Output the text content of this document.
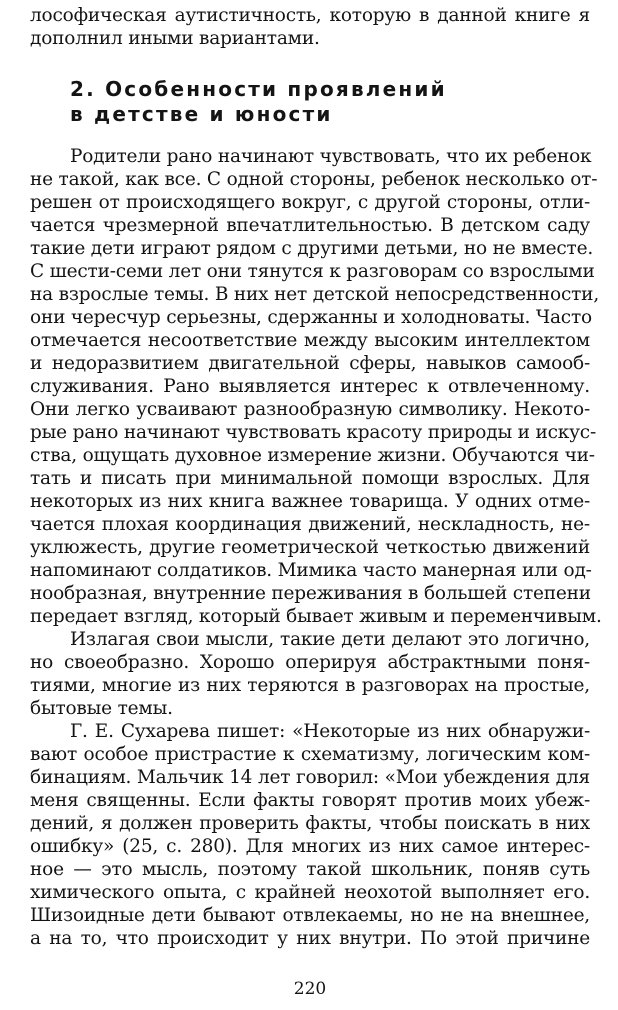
лософическая аутистичность, которую в данной книге я
дополнил иными вариантами.
2. Особенности проявлений
в детстве и юности
Родители рано начинают чувствовать, что их ребенок
не такой, как все. С одной стороны, ребенок несколько от-
решен от происходящего вокруг, с другой стороны, отли-
чается чрезмерной впечатлительностью. В детском саду
такие дети играют рядом с другими детьми, но не вместе.
С шести-семи лет они тянутся к разговорам со взрослыми
на взрослые темы. В них нет детской непосредственности,
они чересчур серьезны, сдержанны и холодноваты. Часто
отмечается несоответствие между высоким интеллектом
и недоразвитием двигательной сферы, навыков самооб-
служивания. Рано выявляется интерес к отвлеченному.
Они легко усваивают разнообразную символику. Некото-
рые рано начинают чувствовать красоту природы и искус-
ства, ощущать духовное измерение жизни. Обучаются чи-
тать и писать при минимальной помощи взрослых. Для
некоторых из них книга важнее товарища. У одних отме-
чается плохая координация движений, нескладность, не-
уклюжесть, другие геометрической четкостью движений
напоминают солдатиков. Мимика часто манерная или од-
нообразная, внутренние переживания в большей степени
передает взгляд, который бывает живым и переменчивым.
Излагая свои мысли, такие дети делают это логично,
но своеобразно. Хорошо оперируя абстрактными поня-
тиями, многие из них теряются в разговорах на простые,
бытовые темы.
Г. Е. Сухарева пишет: «Некоторые из них обнаружи-
вают особое пристрастие к схематизму, логическим ком-
бинациям. Мальчик 14 лет говорил: «Мои убеждения для
меня священны. Если факты говорят против моих убеж-
дений, я должен проверить факты, чтобы поискать в них
ошибку» (25, с. 280). Для многих из них самое интерес-
ное — это мысль, поэтому такой школьник, поняв суть
химического опыта, с крайней неохотой выполняет его.
Шизоидные дети бывают отвлекаемы, но не на внешнее,
а на то, что происходит у них внутри. По этой причине
220
